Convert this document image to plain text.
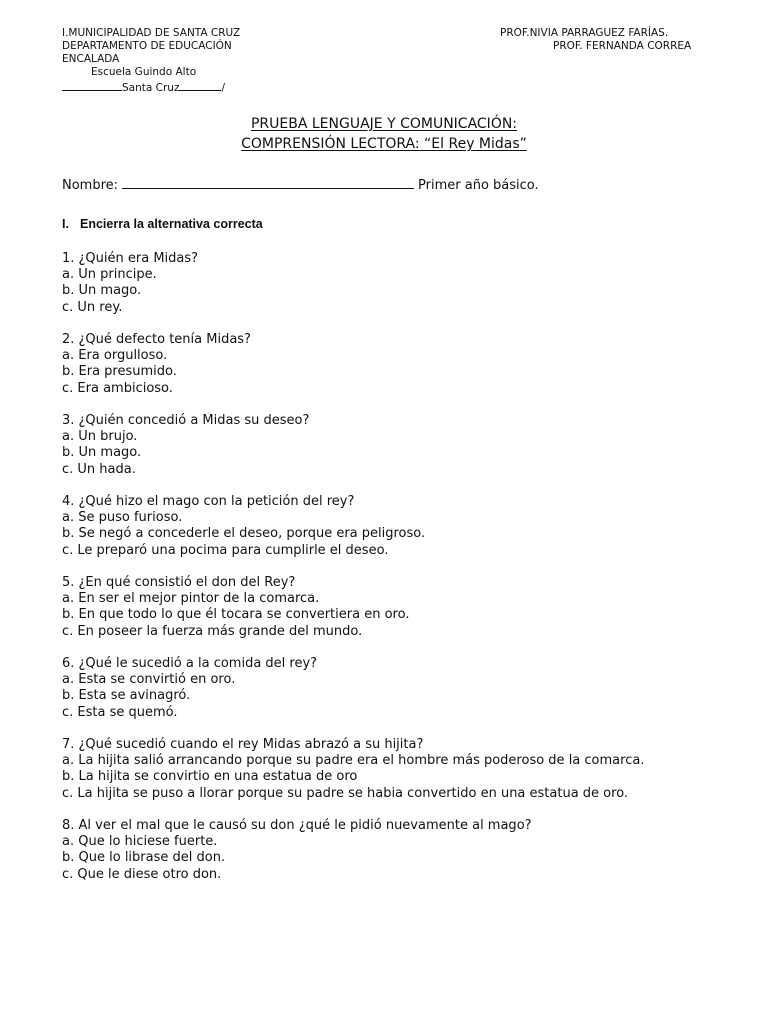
I.MUNICIPALIDAD DE SANTA CRUZ
DEPARTAMENTO DE EDUCACIÓN
ENCALADA
Escuela Guindo Alto
Santa Cruz	/
PROF.NIVIA PARRAGUEZ FARÍAS.
PROF. FERNANDA CORREA
PRUEBA LENGUAJE Y COMUNICACIÓN:
COMPRENSIÓN LECTORA: “El Rey Midas”
Nombre:	Primer año básico.
I. Encierra la alternativa correcta
1. ¿Quién era Midas?
a. Un principe.
b. Un mago.
c. Un rey.
2. ¿Qué defecto tenía Midas?
a. Era orgulloso.
b. Era presumido.
c. Era ambicioso.
3. ¿Quién concedió a Midas su deseo?
a. Un brujo.
b. Un mago.
c. Un hada.
4. ¿Qué hizo el mago con la petición del rey?
a. Se puso furioso.
b. Se negó a concederle el deseo, porque era peligroso.
c. Le preparó una pocima para cumplirle el deseo.
5. ¿En qué consistió el don del Rey?
a. En ser el mejor pintor de la comarca.
b. En que todo lo que él tocara se convertiera en oro.
c. En poseer la fuerza más grande del mundo.
6. ¿Qué le sucedió a la comida del rey?
a. Esta se convirtió en oro.
b. Esta se avinagró.
c. Esta se quemó.
7. ¿Qué sucedió cuando el rey Midas abrazó a su hijita?
a. La hijita salió arrancando porque su padre era el hombre más poderoso de la comarca.
b. La hijita se convirtio en una estatua de oro
c. La hijita se puso a llorar porque su padre se habia convertido en una estatua de oro.
8. Al ver el mal que le causó su don ¿qué le pidió nuevamente al mago?
a. Que lo hiciese fuerte.
b. Que lo librase del don.
c. Que le diese otro don.
